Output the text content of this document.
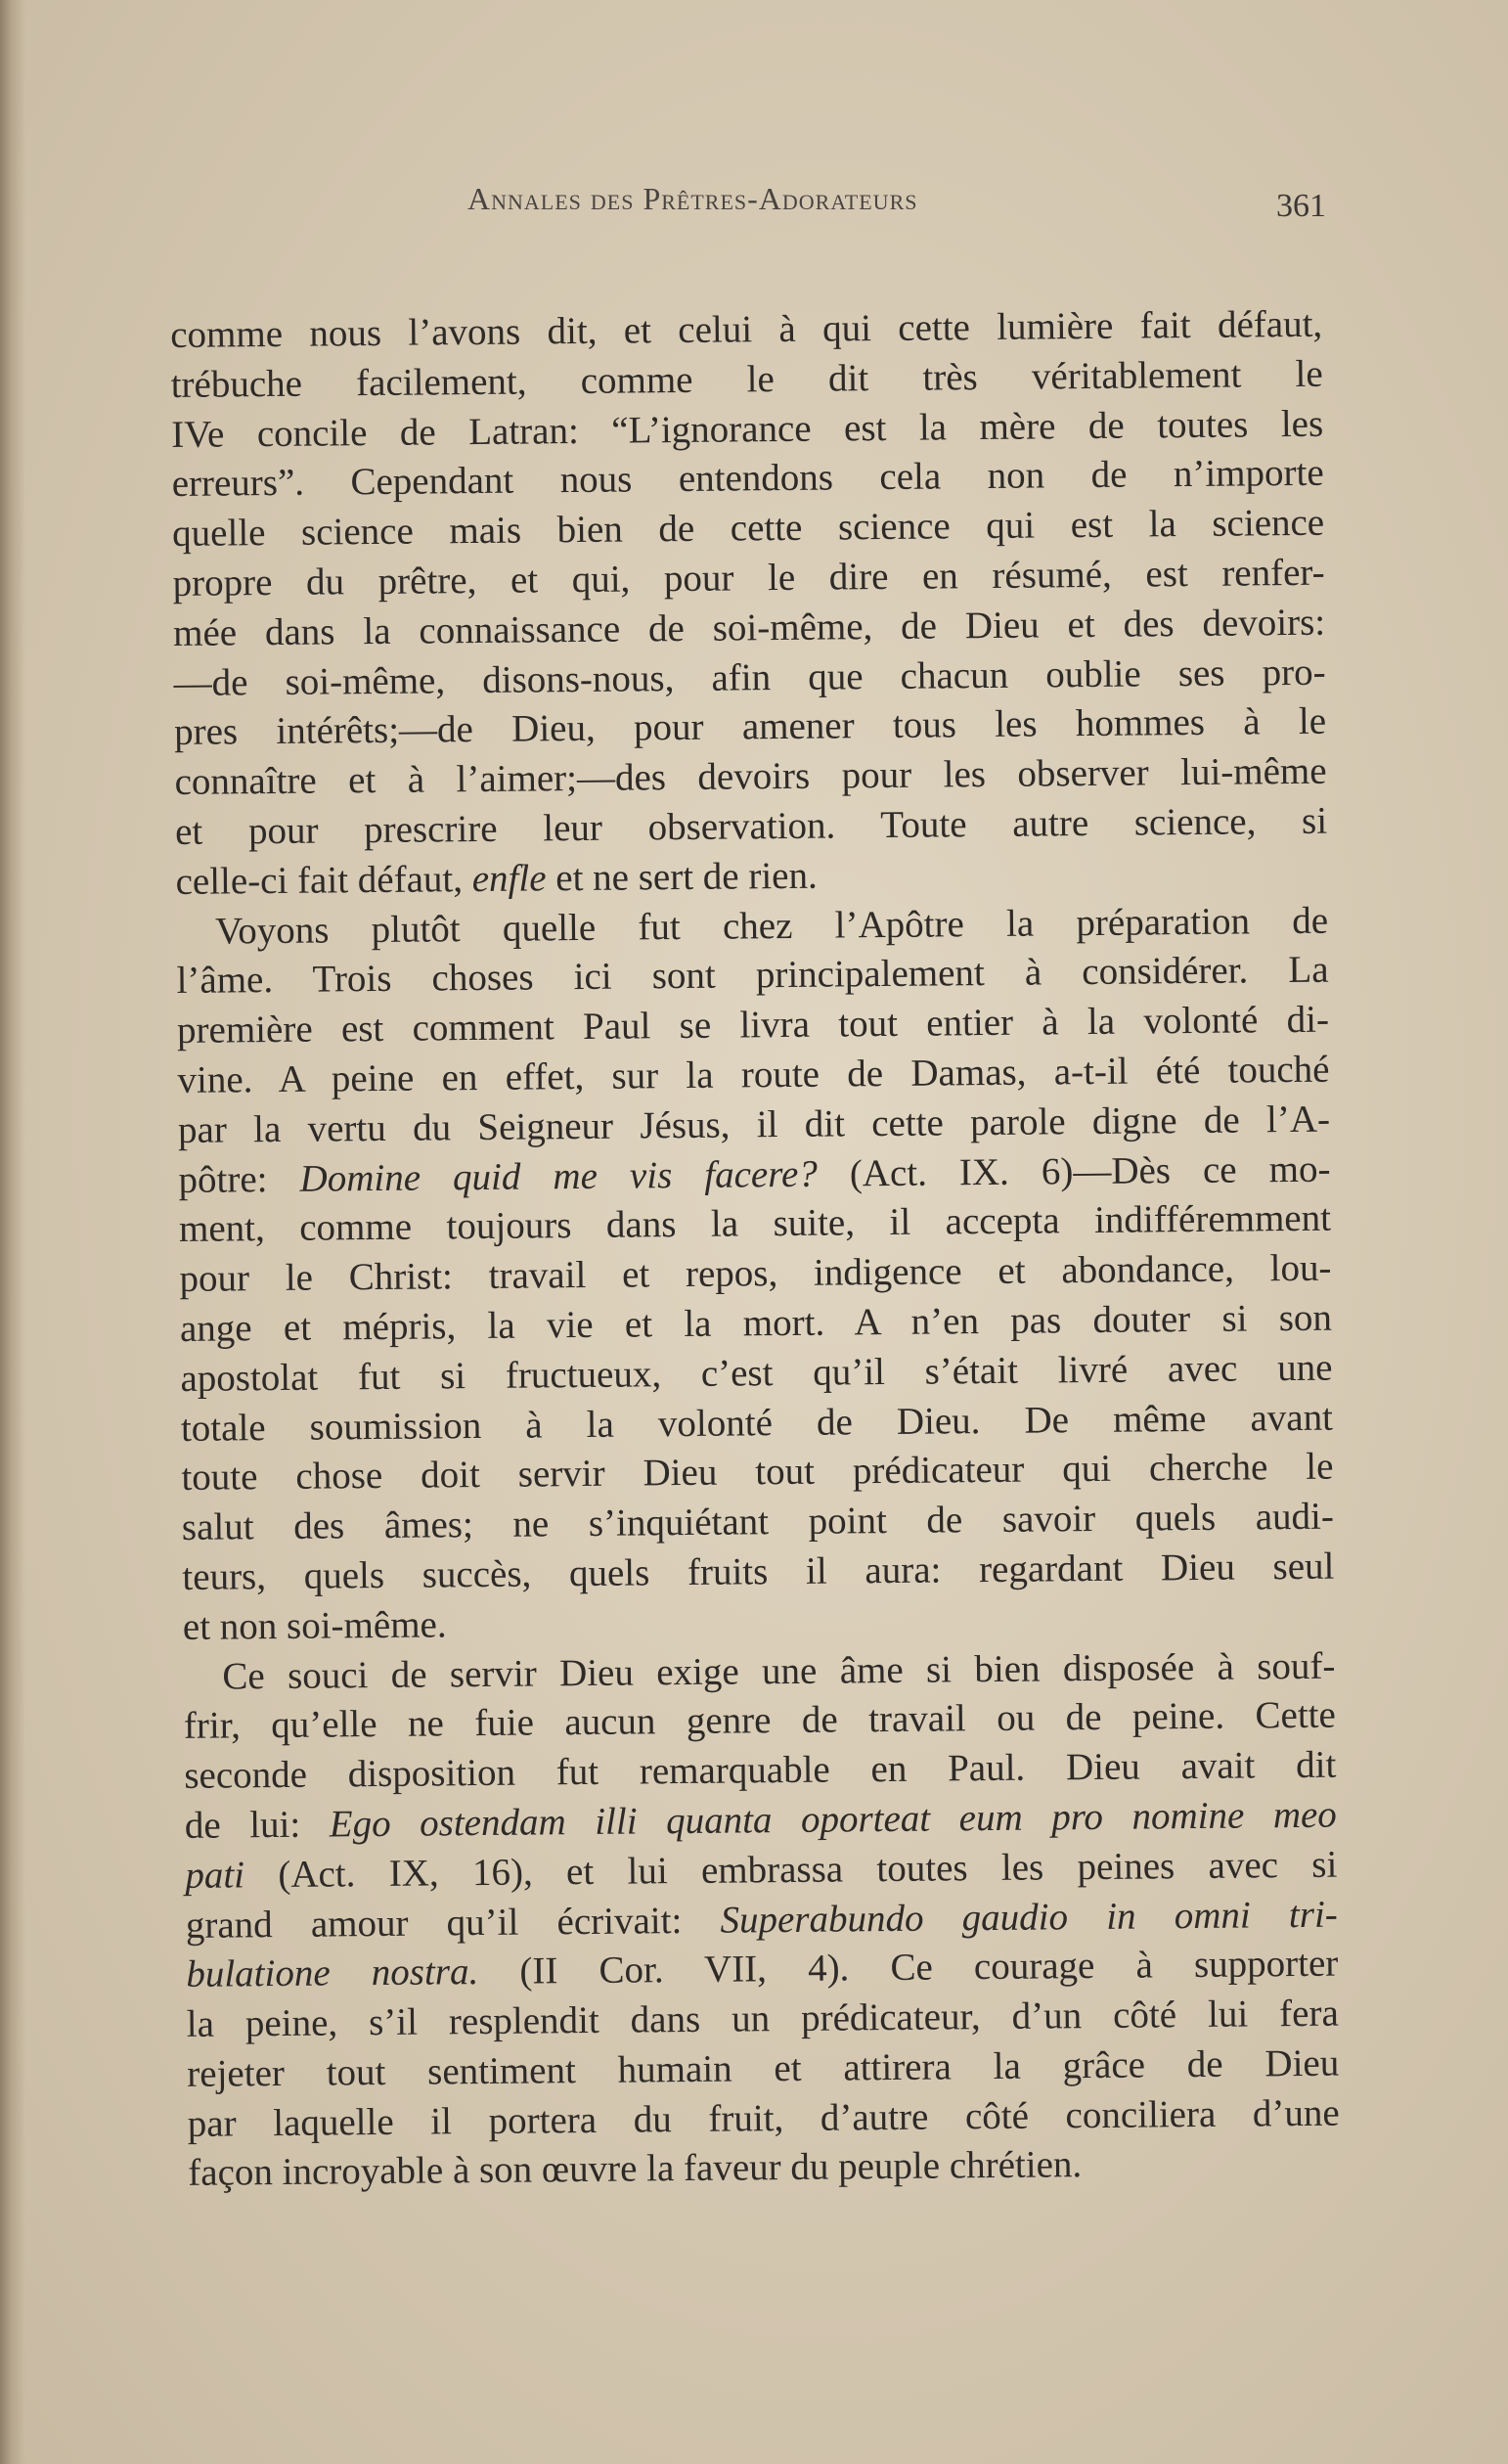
Annales des Prêtres-Adorateurs	361
comme nous l’avons dit, et celui à qui cette lumière fait défaut,
trébuche facilement, comme le dit très véritablement le
IVe concile de Latran: “L’ignorance est la mère de toutes les
erreurs”. Cependant nous entendons cela non de n’importe
quelle science mais bien de cette science qui est la science
propre du prêtre, et qui, pour le dire en résumé, est renfer-
mée dans la connaissance de soi-même, de Dieu et des devoirs:
—de soi-même, disons-nous, afin que chacun oublie ses pro-
pres intérêts;—de Dieu, pour amener tous les hommes à le
connaître et à l’aimer;—des devoirs pour les observer lui-même
et pour prescrire leur observation. Toute autre science, si
celle-ci fait défaut, enfle et ne sert de rien.
Voyons plutôt quelle fut chez l’Apôtre la préparation de
l’âme. Trois choses ici sont principalement à considérer. La
première est comment Paul se livra tout entier à la volonté di-
vine. A peine en effet, sur la route de Damas, a-t-il été touché
par la vertu du Seigneur Jésus, il dit cette parole digne de l’A-
pôtre: Domine quid me vis facere? (Act. IX. 6)—Dès ce mo-
ment, comme toujours dans la suite, il accepta indifféremment
pour le Christ: travail et repos, indigence et abondance, lou-
ange et mépris, la vie et la mort. A n’en pas douter si son
apostolat fut si fructueux, c’est qu’il s’était livré avec une
totale soumission à la volonté de Dieu. De même avant
toute chose doit servir Dieu tout prédicateur qui cherche le
salut des âmes; ne s’inquiétant point de savoir quels audi-
teurs, quels succès, quels fruits il aura: regardant Dieu seul
et non soi-même.
Ce souci de servir Dieu exige une âme si bien disposée à souf-
frir, qu’elle ne fuie aucun genre de travail ou de peine. Cette
seconde disposition fut remarquable en Paul. Dieu avait dit
de lui: Ego ostendam illi quanta oporteat eum pro nomine meo
pati (Act. IX, 16), et lui embrassa toutes les peines avec si
grand amour qu’il écrivait: Superabundo gaudio in omni tri-
bulatione nostra. (II Cor. VII, 4). Ce courage à supporter
la peine, s’il resplendit dans un prédicateur, d’un côté lui fera
rejeter tout sentiment humain et attirera la grâce de Dieu
par laquelle il portera du fruit, d’autre côté conciliera d’une
façon incroyable à son œuvre la faveur du peuple chrétien.
